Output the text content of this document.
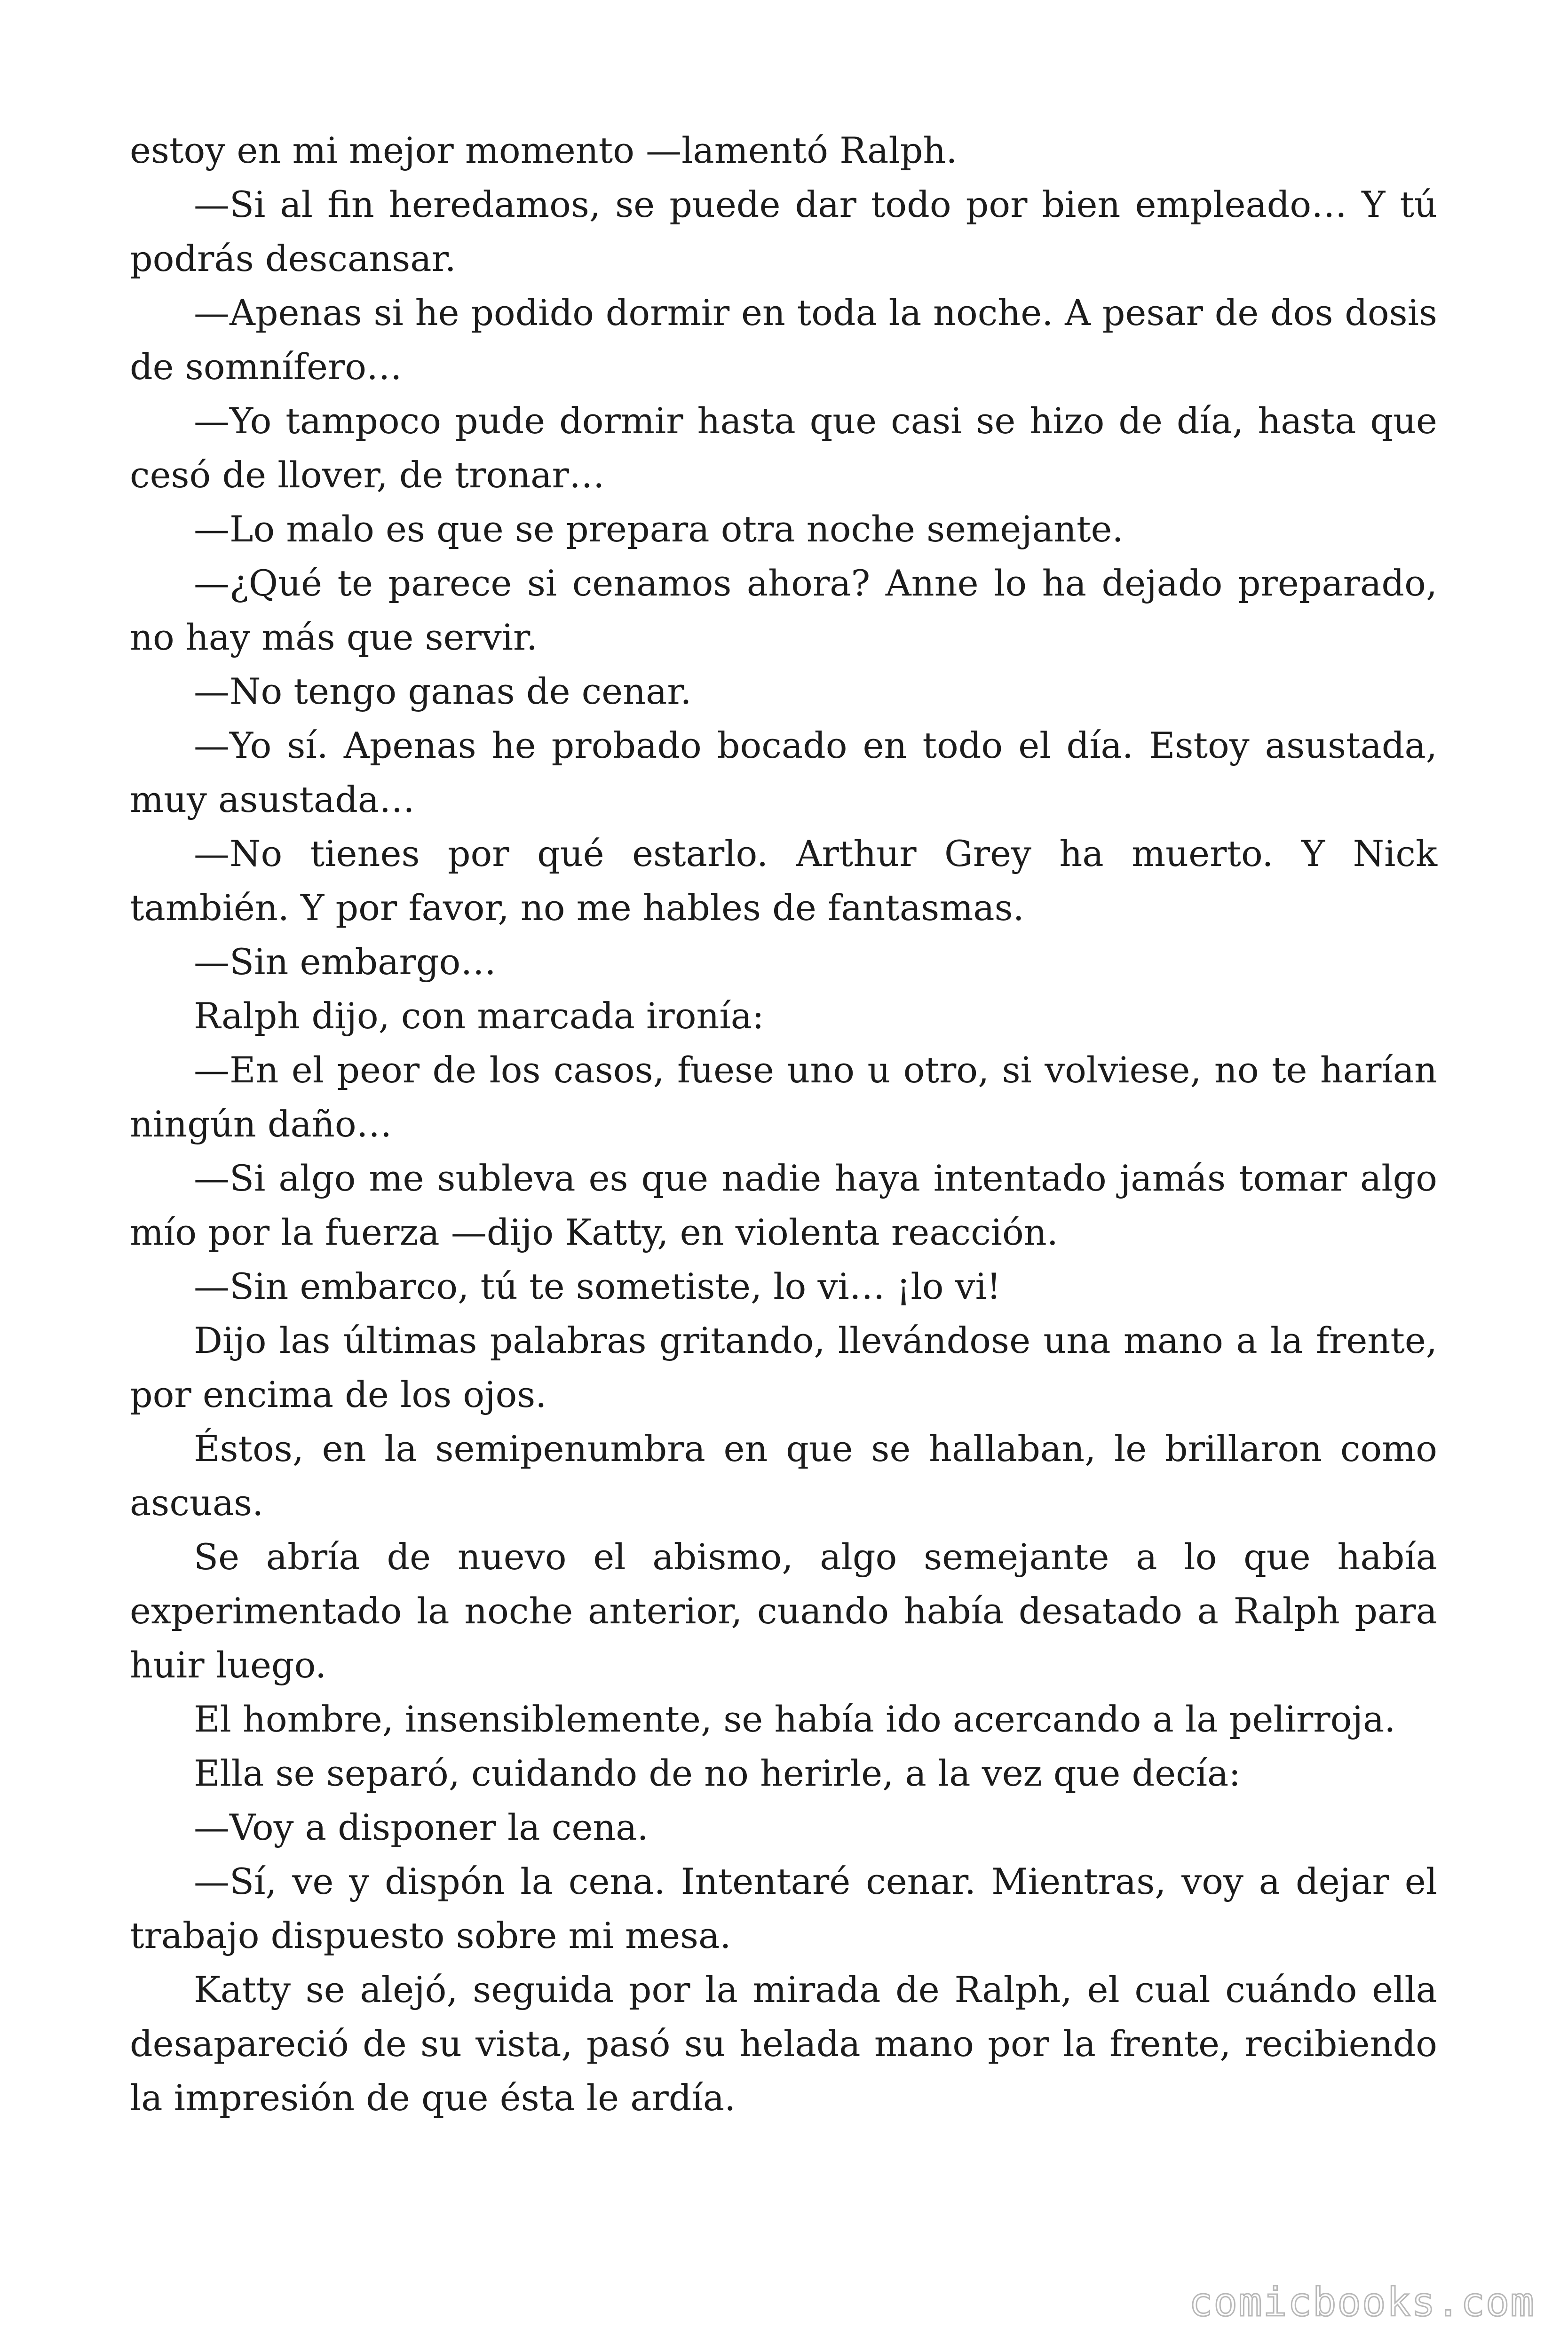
estoy en mi mejor momento —lamentó Ralph.

—Si al fin heredamos, se puede dar todo por bien empleado… Y tú podrás descansar.

—Apenas si he podido dormir en toda la noche. A pesar de dos dosis de somnífero…

—Yo tampoco pude dormir hasta que casi se hizo de día, hasta que cesó de llover, de tronar…

—Lo malo es que se prepara otra noche semejante.

—¿Qué te parece si cenamos ahora? Anne lo ha dejado preparado, no hay más que servir.

—No tengo ganas de cenar.

—Yo sí. Apenas he probado bocado en todo el día. Estoy asustada, muy asustada…

—No tienes por qué estarlo. Arthur Grey ha muerto. Y Nick también. Y por favor, no me hables de fantasmas.

—Sin embargo…

Ralph dijo, con marcada ironía:

—En el peor de los casos, fuese uno u otro, si volviese, no te harían ningún daño…

—Si algo me subleva es que nadie haya intentado jamás tomar algo mío por la fuerza —dijo Katty, en violenta reacción.

—Sin embarco, tú te sometiste, lo vi… ¡lo vi!

Dijo las últimas palabras gritando, llevándose una mano a la frente, por encima de los ojos.

Éstos, en la semipenumbra en que se hallaban, le brillaron como ascuas.

Se abría de nuevo el abismo, algo semejante a lo que había experimentado la noche anterior, cuando había desatado a Ralph para huir luego.

El hombre, insensiblemente, se había ido acercando a la pelirroja.

Ella se separó, cuidando de no herirle, a la vez que decía:

—Voy a disponer la cena.

—Sí, ve y dispón la cena. Intentaré cenar. Mientras, voy a dejar el trabajo dispuesto sobre mi mesa.

Katty se alejó, seguida por la mirada de Ralph, el cual cuándo ella desapareció de su vista, pasó su helada mano por la frente, recibiendo la impresión de que ésta le ardía.

comicbooks.com
